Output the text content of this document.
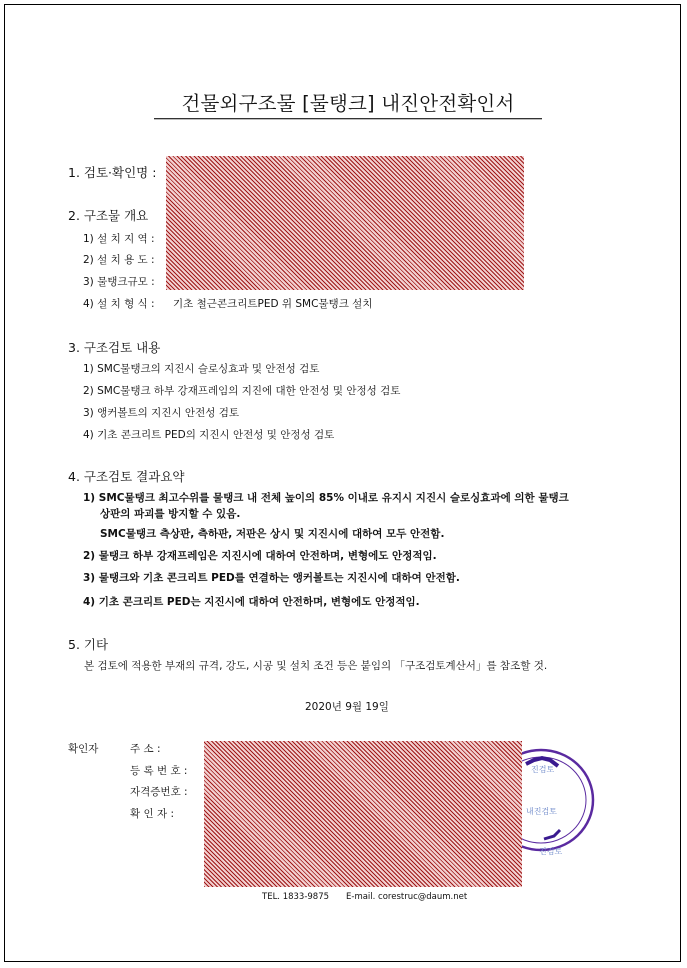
건물외구조물 [물탱크] 내진안전확인서
1. 검토·확인명 :
2. 구조물 개요
1) 설 치 지 역 :
2) 설 치 용 도 :
3) 물탱크규모 :
4) 설 치 형 식 : 기초 철근콘크리트PED 위 SMC물탱크 설치
3. 구조검토 내용
1) SMC물탱크의 지진시 슬로싱효과 및 안전성 검토
2) SMC물탱크 하부 강재프레임의 지진에 대한 안전성 및 안정성 검토
3) 앵커볼트의 지진시 안전성 검토
4) 기초 콘크리트 PED의 지진시 안전성 및 안정성 검토
4. 구조검토 결과요약
1) SMC물탱크 최고수위를 물탱크 내 전체 높이의 85% 이내로 유지시 지진시 슬로싱효과에 의한 물탱크
상판의 파괴를 방지할 수 있음.
SMC물탱크 측상판, 측하판, 저판은 상시 및 지진시에 대하여 모두 안전함.
2) 물탱크 하부 강재프레임은 지진시에 대하여 안전하며, 변형에도 안정적임.
3) 물탱크와 기초 콘크리트 PED를 연결하는 앵커볼트는 지진시에 대하여 안전함.
4) 기초 콘크리트 PED는 지진시에 대하여 안전하며, 변형에도 안정적임.
5. 기타
본 검토에 적용한 부재의 규격, 강도, 시공 및 설치 조건 등은 붙임의 「구조검토계산서」를 참조할 것.
2020년 9월 19일
진검토
내진검토
진검토
확인자	주 소 :
등 록 번 호 :
자격증번호 :
확 인 자 :
TEL. 1833-9875 E-mail. corestruc@daum.net
